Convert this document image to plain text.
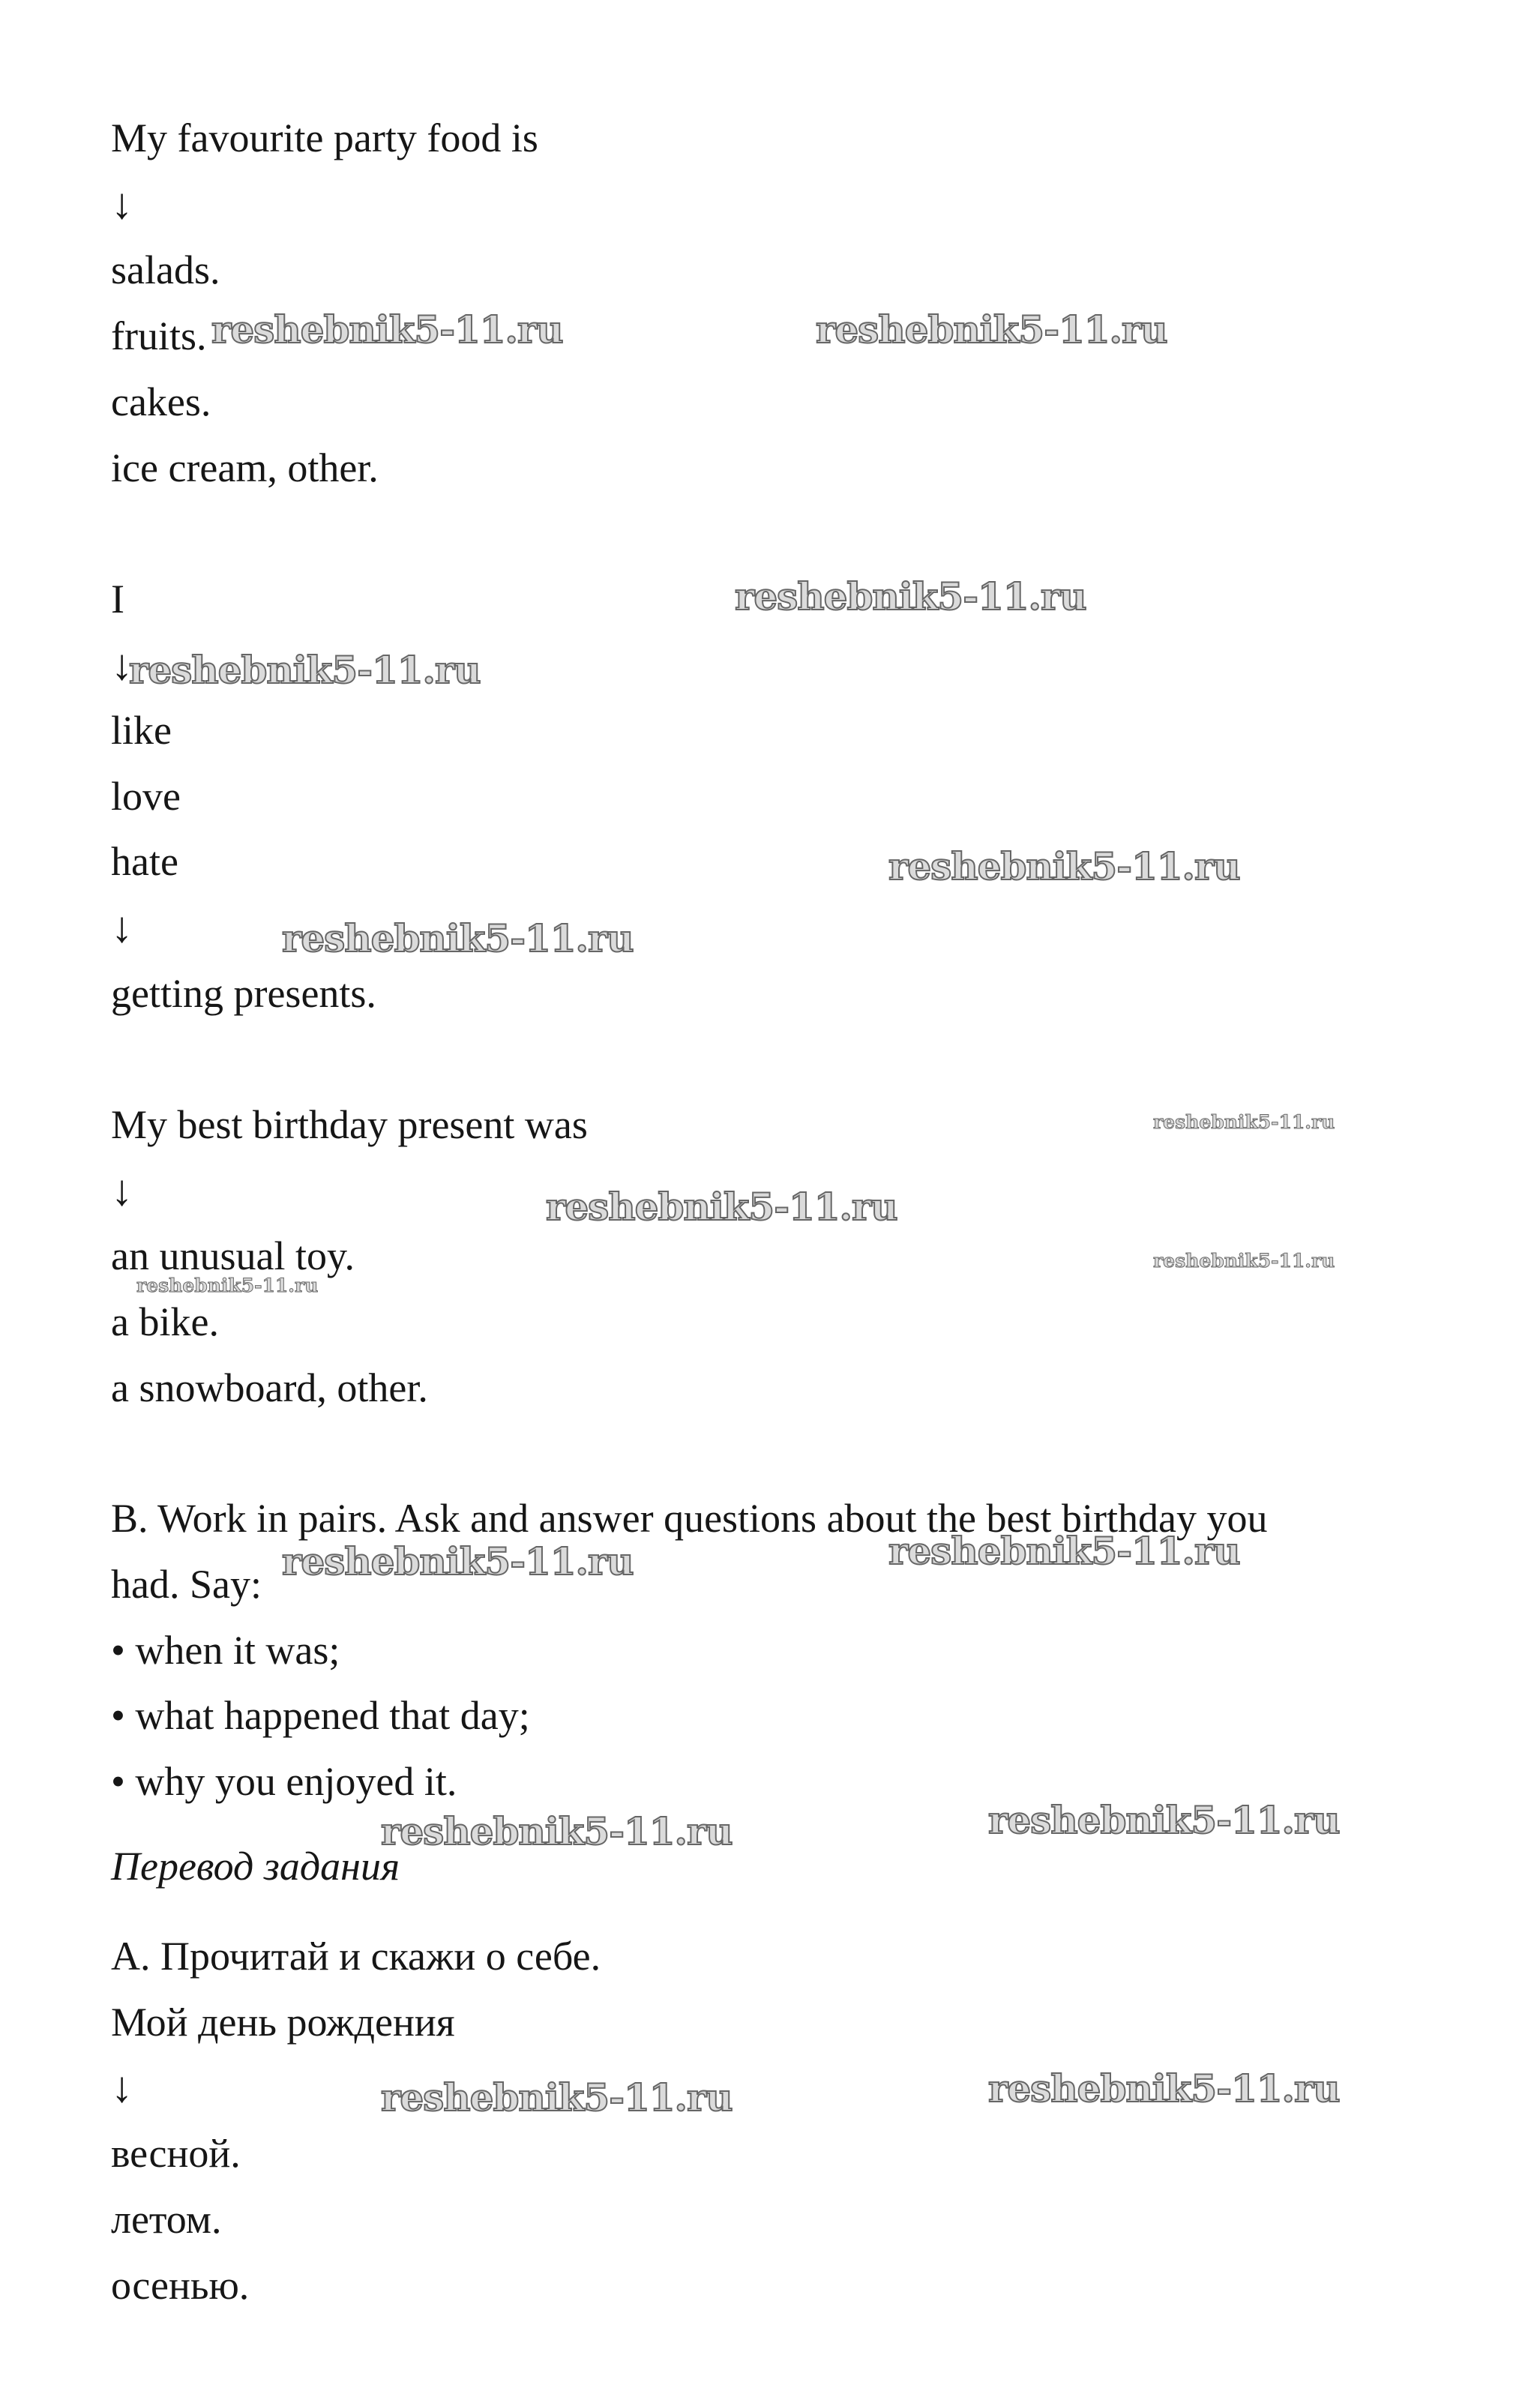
My favourite party food is
↓
salads.
fruits.
cakes.
ice cream, other.
I
↓
like
love
hate
↓
getting presents.
My best birthday present was
↓
an unusual toy.
a bike.
a snowboard, other.
B. Work in pairs. Ask and answer questions about the best birthday you
had. Say:
• when it was;
• what happened that day;
• why you enjoyed it.
Перевод задания
А. Прочитай и скажи о себе.
Мой день рождения
↓
весной.
летом.
осенью.
reshebnik5-11.ru	reshebnik5-11.ru
reshebnik5-11.ru
reshebnik5-11.ru
reshebnik5-11.ru
reshebnik5-11.ru
reshebnik5-11.ru
reshebnik5-11.ru
reshebnik5-11.ru
reshebnik5-11.ru
reshebnik5-11.ru
reshebnik5-11.ru
reshebnik5-11.ru
reshebnik5-11.ru
reshebnik5-11.ru
reshebnik5-11.ru
